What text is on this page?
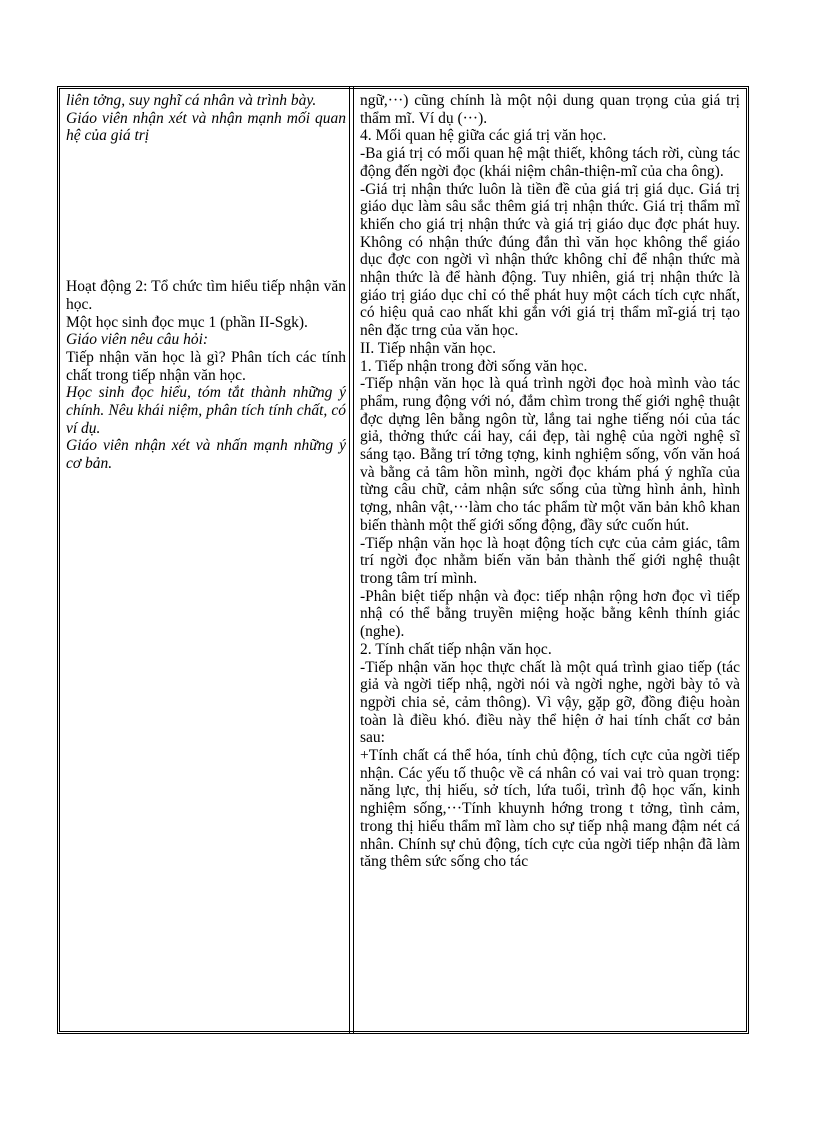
liên tởng, suy nghĩ cá nhân và trình bày.

Giáo viên nhận xét và nhận mạnh mối quan hệ của giá trị

Hoạt động 2: Tổ chức tìm hiểu tiếp nhận văn học.

Một học sinh đọc mục 1 (phần II-Sgk).

Giáo viên nêu câu hỏi:

Tiếp nhận văn học là gì? Phân tích các tính chất trong tiếp nhận văn học.

Học sinh đọc hiểu, tóm tắt thành những ý chính. Nêu khái niệm, phân tích tính chất, có ví dụ.

Giáo viên nhận xét và nhấn mạnh những ý cơ bản.

ngữ,···) cũng chính là một nội dung quan trọng của giá trị thẩm mĩ. Ví dụ (···).

4. Mối quan hệ giữa các giá trị văn học.

-Ba giá trị có mối quan hệ mật thiết, không tách rời, cùng tác động đến ngời đọc (khái niệm chân-thiện-mĩ của cha ông).

-Giá trị nhận thức luôn là tiền đề của giá trị giá dục. Giá trị giáo dục làm sâu sắc thêm giá trị nhận thức. Giá trị thẩm mĩ khiến cho giá trị nhận thức và giá trị giáo dục đợc phát huy. Không có nhận thức đúng đắn thì văn học không thể giáo dục đợc con ngời vì nhận thức không chỉ để nhận thức mà nhận thức là để hành động. Tuy nhiên, giá trị nhận thức là giáo trị giáo dục chỉ có thể phát huy một cách tích cực nhất, có hiệu quả cao nhất khi gắn với giá trị thẩm mĩ-giá trị tạo nên đặc trng của văn học.

II. Tiếp nhận văn học.

1. Tiếp nhận trong đời sống văn học.

-Tiếp nhận văn học là quá trình ngời đọc hoà mình vào tác phẩm, rung động với nó, đắm chìm trong thế giới nghệ thuật đợc dựng lên bằng ngôn từ, lắng tai nghe tiếng nói của tác giả, thởng thức cái hay, cái đẹp, tài nghệ của ngời nghệ sĩ sáng tạo. Bằng trí tởng tợng, kinh nghiệm sống, vốn văn hoá và bằng cả tâm hồn mình, ngời đọc khám phá ý nghĩa của từng câu chữ, cảm nhận sức sống của từng hình ảnh, hình tợng, nhân vật,···làm cho tác phẩm từ một văn bản khô khan biến thành một thế giới sống động, đầy sức cuốn hút.

-Tiếp nhận văn học là hoạt động tích cực của cảm giác, tâm trí ngời đọc nhằm biến văn bản thành thế giới nghệ thuật trong tâm trí mình.

-Phân biệt tiếp nhận và đọc: tiếp nhận rộng hơn đọc vì tiếp nhậ có thể bằng truyền miệng hoặc bằng kênh thính giác (nghe).

2. Tính chất tiếp nhận văn học.

-Tiếp nhận văn học thực chất là một quá trình giao tiếp (tác giả và ngời tiếp nhậ, ngời nói và ngời nghe, ngời bày tỏ và ngpời chia sẻ, cảm thông). Vì vậy, gặp gỡ, đồng điệu hoàn toàn là điều khó. điều này thể hiện ở hai tính chất cơ bản sau:

+Tính chất cá thể hóa, tính chủ động, tích cực của ngời tiếp nhận. Các yếu tố thuộc về cá nhân có vai vai trò quan trọng: năng lực, thị hiếu, sở tích, lứa tuổi, trình độ học vấn, kinh nghiệm sống,···Tính khuynh hớng trong t tởng, tình cảm, trong thị hiếu thẩm mĩ làm cho sự tiếp nhậ mang đậm nét cá nhân. Chính sự chủ động, tích cực của ngời tiếp nhận đã làm tăng thêm sức sống cho tác
